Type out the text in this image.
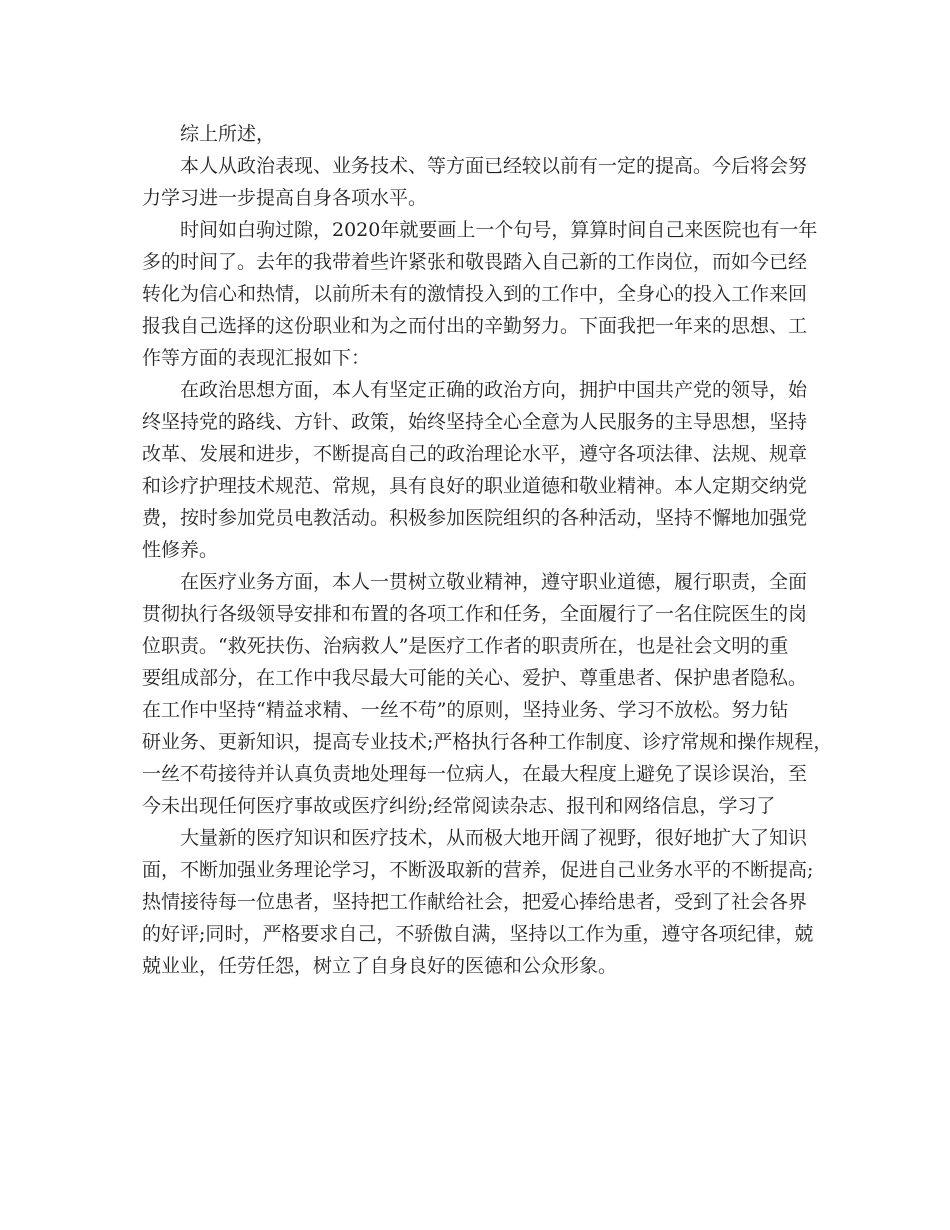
综上所述，
本人从政治表现、业务技术、等方面已经较以前有一定的提高。今后将会努
力学习进一步提高自身各项水平。
时间如白驹过隙，2020年就要画上一个句号，算算时间自己来医院也有一年
多的时间了。去年的我带着些许紧张和敬畏踏入自己新的工作岗位，而如今已经
转化为信心和热情，以前所未有的激情投入到的工作中，全身心的投入工作来回
报我自己选择的这份职业和为之而付出的辛勤努力。下面我把一年来的思想、工
作等方面的表现汇报如下：
在政治思想方面，本人有坚定正确的政治方向，拥护中国共产党的领导，始
终坚持党的路线、方针、政策，始终坚持全心全意为人民服务的主导思想，坚持
改革、发展和进步，不断提高自己的政治理论水平，遵守各项法律、法规、规章
和诊疗护理技术规范、常规，具有良好的职业道德和敬业精神。本人定期交纳党
费，按时参加党员电教活动。积极参加医院组织的各种活动，坚持不懈地加强党
性修养。
在医疗业务方面，本人一贯树立敬业精神，遵守职业道德，履行职责，全面
贯彻执行各级领导安排和布置的各项工作和任务，全面履行了一名住院医生的岗
位职责。“救死扶伤、治病救人”是医疗工作者的职责所在，也是社会文明的重
要组成部分，在工作中我尽最大可能的关心、爱护、尊重患者、保护患者隐私。
在工作中坚持“精益求精、一丝不苟”的原则，坚持业务、学习不放松。努力钻
研业务、更新知识，提高专业技术;严格执行各种工作制度、诊疗常规和操作规程，
一丝不苟接待并认真负责地处理每一位病人，在最大程度上避免了误诊误治，至
今未出现任何医疗事故或医疗纠纷;经常阅读杂志、报刊和网络信息，学习了
大量新的医疗知识和医疗技术，从而极大地开阔了视野，很好地扩大了知识
面，不断加强业务理论学习，不断汲取新的营养，促进自己业务水平的不断提高;
热情接待每一位患者，坚持把工作献给社会，把爱心捧给患者，受到了社会各界
的好评;同时，严格要求自己，不骄傲自满，坚持以工作为重，遵守各项纪律，兢
兢业业，任劳任怨，树立了自身良好的医德和公众形象。
